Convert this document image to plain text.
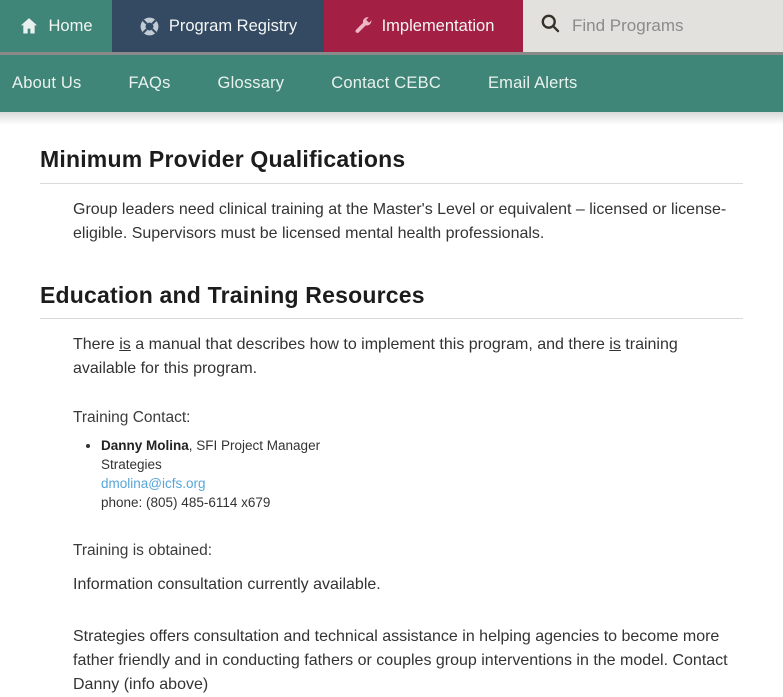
Home	Program Registry	Implementation
Find Programs
About Us	FAQs	Glossary	Contact CEBC	Email Alerts
Minimum Provider Qualifications

Group leaders need clinical training at the Master's Level or equivalent – licensed or license-eligible. Supervisors must be licensed mental health professionals.

Education and Training Resources

There is a manual that describes how to implement this program, and there is training available for this program.

Training Contact:

• Danny Molina, SFI Project Manager
Strategies
dmolina@icfs.org
phone: (805) 485-6114 x679

Training is obtained:

Information consultation currently available.

Strategies offers consultation and technical assistance in helping agencies to become more father friendly and in conducting fathers or couples group interventions in the model. Contact Danny (info above)
